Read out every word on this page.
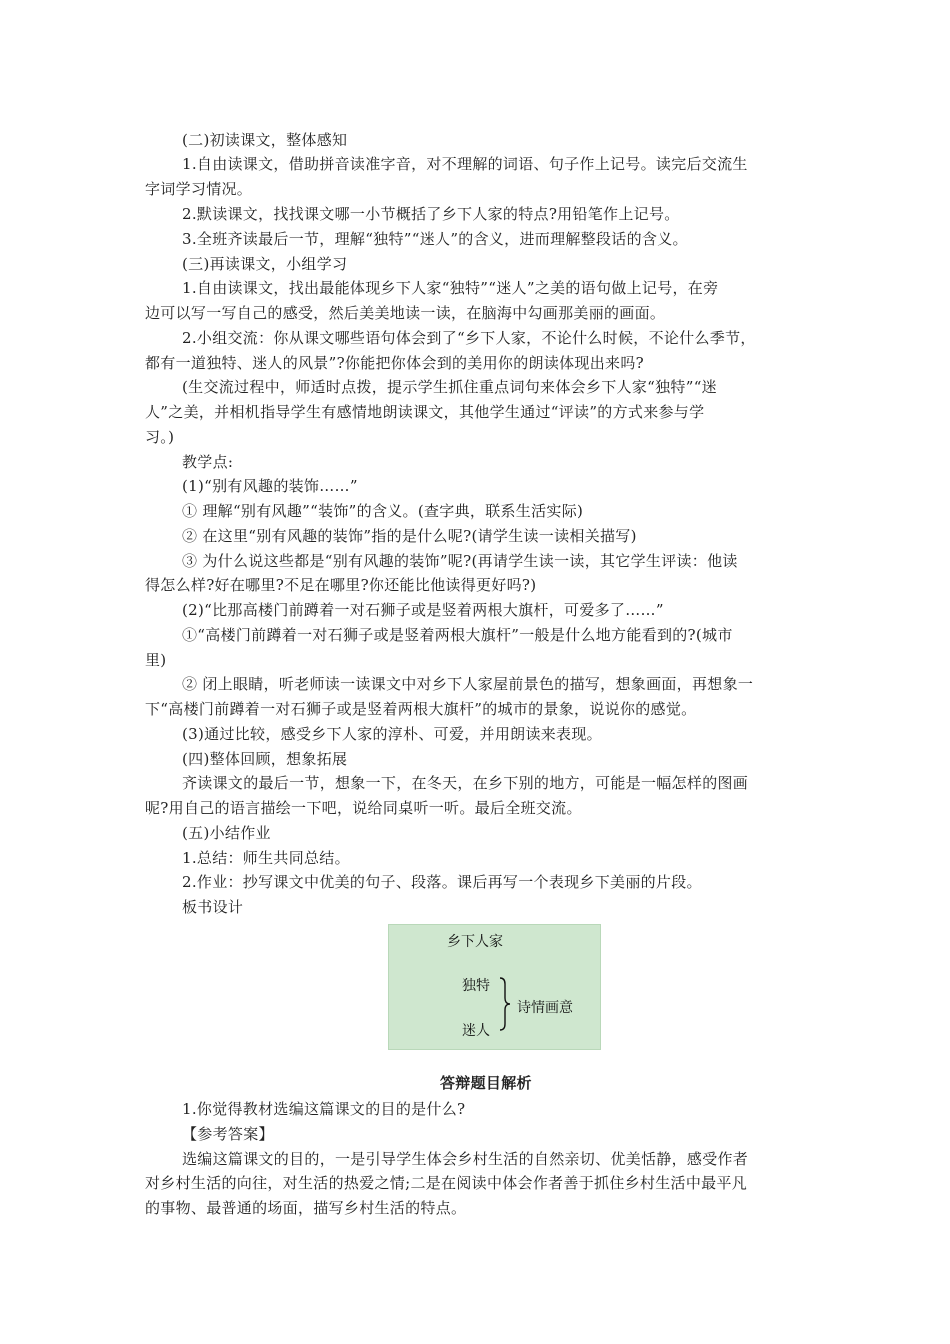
(二)初读课文，整体感知
1.自由读课文，借助拼音读准字音，对不理解的词语、句子作上记号。读完后交流生
字词学习情况。
2.默读课文，找找课文哪一小节概括了乡下人家的特点?用铅笔作上记号。
3.全班齐读最后一节，理解“独特”“迷人”的含义，进而理解整段话的含义。
(三)再读课文，小组学习
1.自由读课文，找出最能体现乡下人家“独特”“迷人”之美的语句做上记号，在旁
边可以写一写自己的感受，然后美美地读一读，在脑海中勾画那美丽的画面。
2.小组交流：你从课文哪些语句体会到了“乡下人家，不论什么时候，不论什么季节，
都有一道独特、迷人的风景”?你能把你体会到的美用你的朗读体现出来吗?
(生交流过程中，师适时点拨，提示学生抓住重点词句来体会乡下人家“独特”“迷
人”之美，并相机指导学生有感情地朗读课文，其他学生通过“评读”的方式来参与学
习。)
教学点:
(1)“别有风趣的装饰……”
① 理解“别有风趣”“装饰”的含义。(查字典，联系生活实际)
② 在这里“别有风趣的装饰”指的是什么呢?(请学生读一读相关描写)
③ 为什么说这些都是“别有风趣的装饰”呢?(再请学生读一读，其它学生评读：他读
得怎么样?好在哪里?不足在哪里?你还能比他读得更好吗?)
(2)“比那高楼门前蹲着一对石狮子或是竖着两根大旗杆，可爱多了……”
①“高楼门前蹲着一对石狮子或是竖着两根大旗杆”一般是什么地方能看到的?(城市
里)
② 闭上眼睛，听老师读一读课文中对乡下人家屋前景色的描写，想象画面，再想象一
下“高楼门前蹲着一对石狮子或是竖着两根大旗杆”的城市的景象，说说你的感觉。
(3)通过比较，感受乡下人家的淳朴、可爱，并用朗读来表现。
(四)整体回顾，想象拓展
齐读课文的最后一节，想象一下，在冬天，在乡下别的地方，可能是一幅怎样的图画
呢?用自己的语言描绘一下吧，说给同桌听一听。最后全班交流。
(五)小结作业
1.总结：师生共同总结。
2.作业：抄写课文中优美的句子、段落。课后再写一个表现乡下美丽的片段。
板书设计
乡下人家
独特
迷人
诗情画意
答辩题目解析
1.你觉得教材选编这篇课文的目的是什么?
【参考答案】
选编这篇课文的目的，一是引导学生体会乡村生活的自然亲切、优美恬静，感受作者
对乡村生活的向往，对生活的热爱之情;二是在阅读中体会作者善于抓住乡村生活中最平凡
的事物、最普通的场面，描写乡村生活的特点。
